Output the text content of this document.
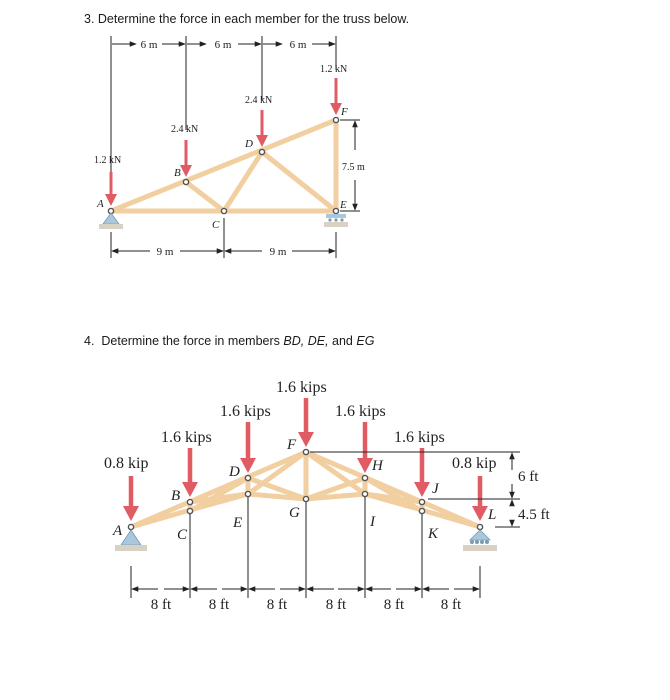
3. Determine the force in each member for the truss below.
4.  Determine the force in members BD, DE, and EG
6 m	6 m	6 m
A
B
C
D
E
F
1.2 kN
2.4 kN
2.4 kN
1.2 kN
7.5 m
9 m	9 m
0.8 kip
1.6 kips
1.6 kips
1.6 kips
1.6 kips
1.6 kips
0.8 kip
A
B
C
D
E
F
G
H
I
J
K
L
8 ft	8 ft	8 ft	8 ft	8 ft 8 ft
6 ft
4.5 ft
